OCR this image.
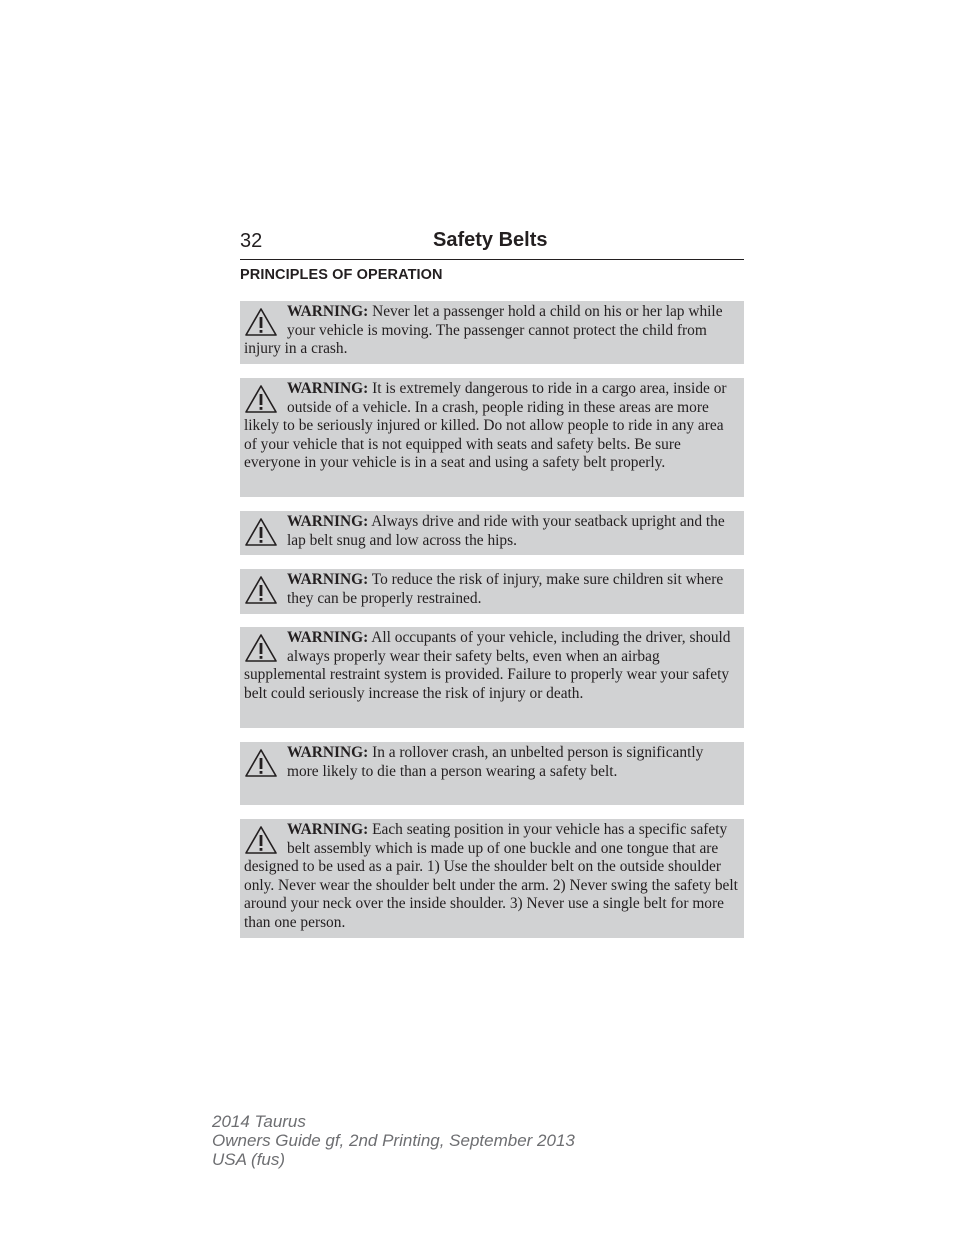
32	Safety Belts
PRINCIPLES OF OPERATION

WARNING: Never let a passenger hold a child on his or her lap while your vehicle is moving. The passenger cannot protect the child from injury in a crash.

WARNING: It is extremely dangerous to ride in a cargo area, inside or outside of a vehicle. In a crash, people riding in these areas are more likely to be seriously injured or killed. Do not allow people to ride in any area of your vehicle that is not equipped with seats and safety belts. Be sure everyone in your vehicle is in a seat and using a safety belt properly.

WARNING: Always drive and ride with your seatback upright and the lap belt snug and low across the hips.

WARNING: To reduce the risk of injury, make sure children sit where they can be properly restrained.

WARNING: All occupants of your vehicle, including the driver, should always properly wear their safety belts, even when an airbag supplemental restraint system is provided. Failure to properly wear your safety belt could seriously increase the risk of injury or death.

WARNING: In a rollover crash, an unbelted person is significantly more likely to die than a person wearing a safety belt.

WARNING: Each seating position in your vehicle has a specific safety belt assembly which is made up of one buckle and one tongue that are designed to be used as a pair. 1) Use the shoulder belt on the outside shoulder only. Never wear the shoulder belt under the arm. 2) Never swing the safety belt around your neck over the inside shoulder. 3) Never use a single belt for more than one person.

2014 Taurus
Owners Guide gf, 2nd Printing, September 2013
USA (fus)
